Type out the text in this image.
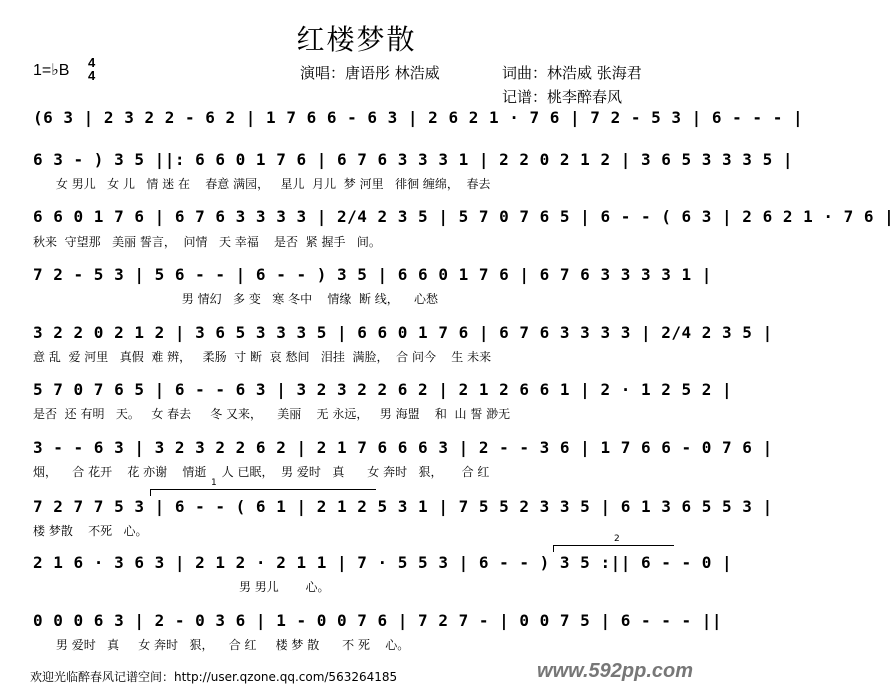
红楼梦散
1=♭B 4
4	演唱：唐语彤 林浩威	词曲：林浩威 张海君
记谱：桃李醉春风
(6 3 | 2 3 2 2 - 6 2 | 1 7 6 6 - 6 3 | 2 6 2 1 · 7 6 | 7 2 - 5 3 | 6 - - - |
6 3 - ) 3 5 ||: 6 6 0 1 7 6 | 6 7 6 3 3 3 1 | 2 2 0 2 1 2 | 3 6 5 3 3 3 5 |
女 男儿   女 儿   情 迷 在    春意 满园，   星儿  月儿  梦 河里   徘徊 缠绵，  春去
6 6 0 1 7 6 | 6 7 6 3 3 3 3 | 2/4 2 3 5 | 5 7 0 7 6 5 | 6 - - ( 6 3 | 2 6 2 1 · 7 6 |
秋来  守望那   美丽 誓言，  问情   天 幸福    是否  紧 握手   间。
7 2 - 5 3 | 5 6 - - | 6 - - ) 3 5 | 6 6 0 1 7 6 | 6 7 6 3 3 3 3 1 |
男 情幻   多 变   寒 冬中    情缘  断 线，    心愁
3 2 2 0 2 1 2 | 3 6 5 3 3 3 5 | 6 6 0 1 7 6 | 6 7 6 3 3 3 3 | 2/4 2 3 5 |
意 乱  爱 河里   真假  难 辨，   柔肠  寸 断  哀 愁间   泪挂  满脸，  合 问今    生 未来
5 7 0 7 6 5 | 6 - - 6 3 | 3 2 3 2 2 6 2 | 2 1 2 6 6 1 | 2 · 1 2 5 2 |
是否  还 有明   天。   女 春去     冬 又来，    美丽    无 永远，   男 海盟    和  山 誓 渺无
3 - - 6 3 | 3 2 3 2 2 6 2 | 2 1 7 6 6 6 3 | 2 - - 3 6 | 1 7 6 6 - 0 7 6 |
烟，    合 花开    花 亦谢    情逝    人 已眠，  男 爱时   真      女 奔时   狠，     合 红
7 2 7 7 5 3 | 6 - - ( 6 1 | 2 1 2 5 3 1 | 7 5 5 2 3 3 5 | 6 1 3 6 5 5 3 |
楼 梦散    不死   心。
2 1 6 · 3 6 3 | 2 1 2 · 2 1 1 | 7 · 5 5 3 | 6 - - ) 3 5 :|| 6 - - 0 |
男 男儿       心。
0 0 0 6 3 | 2 - 0 3 6 | 1 - 0 0 7 6 | 7 2 7 - | 0 0 7 5 | 6 - - - ||
男 爱时   真     女 奔时   狠，    合 红     楼 梦 散      不 死    心。
1
2
欢迎光临醉春风记谱空间：http://user.qzone.qq.com/563264185	www.592pp.com
